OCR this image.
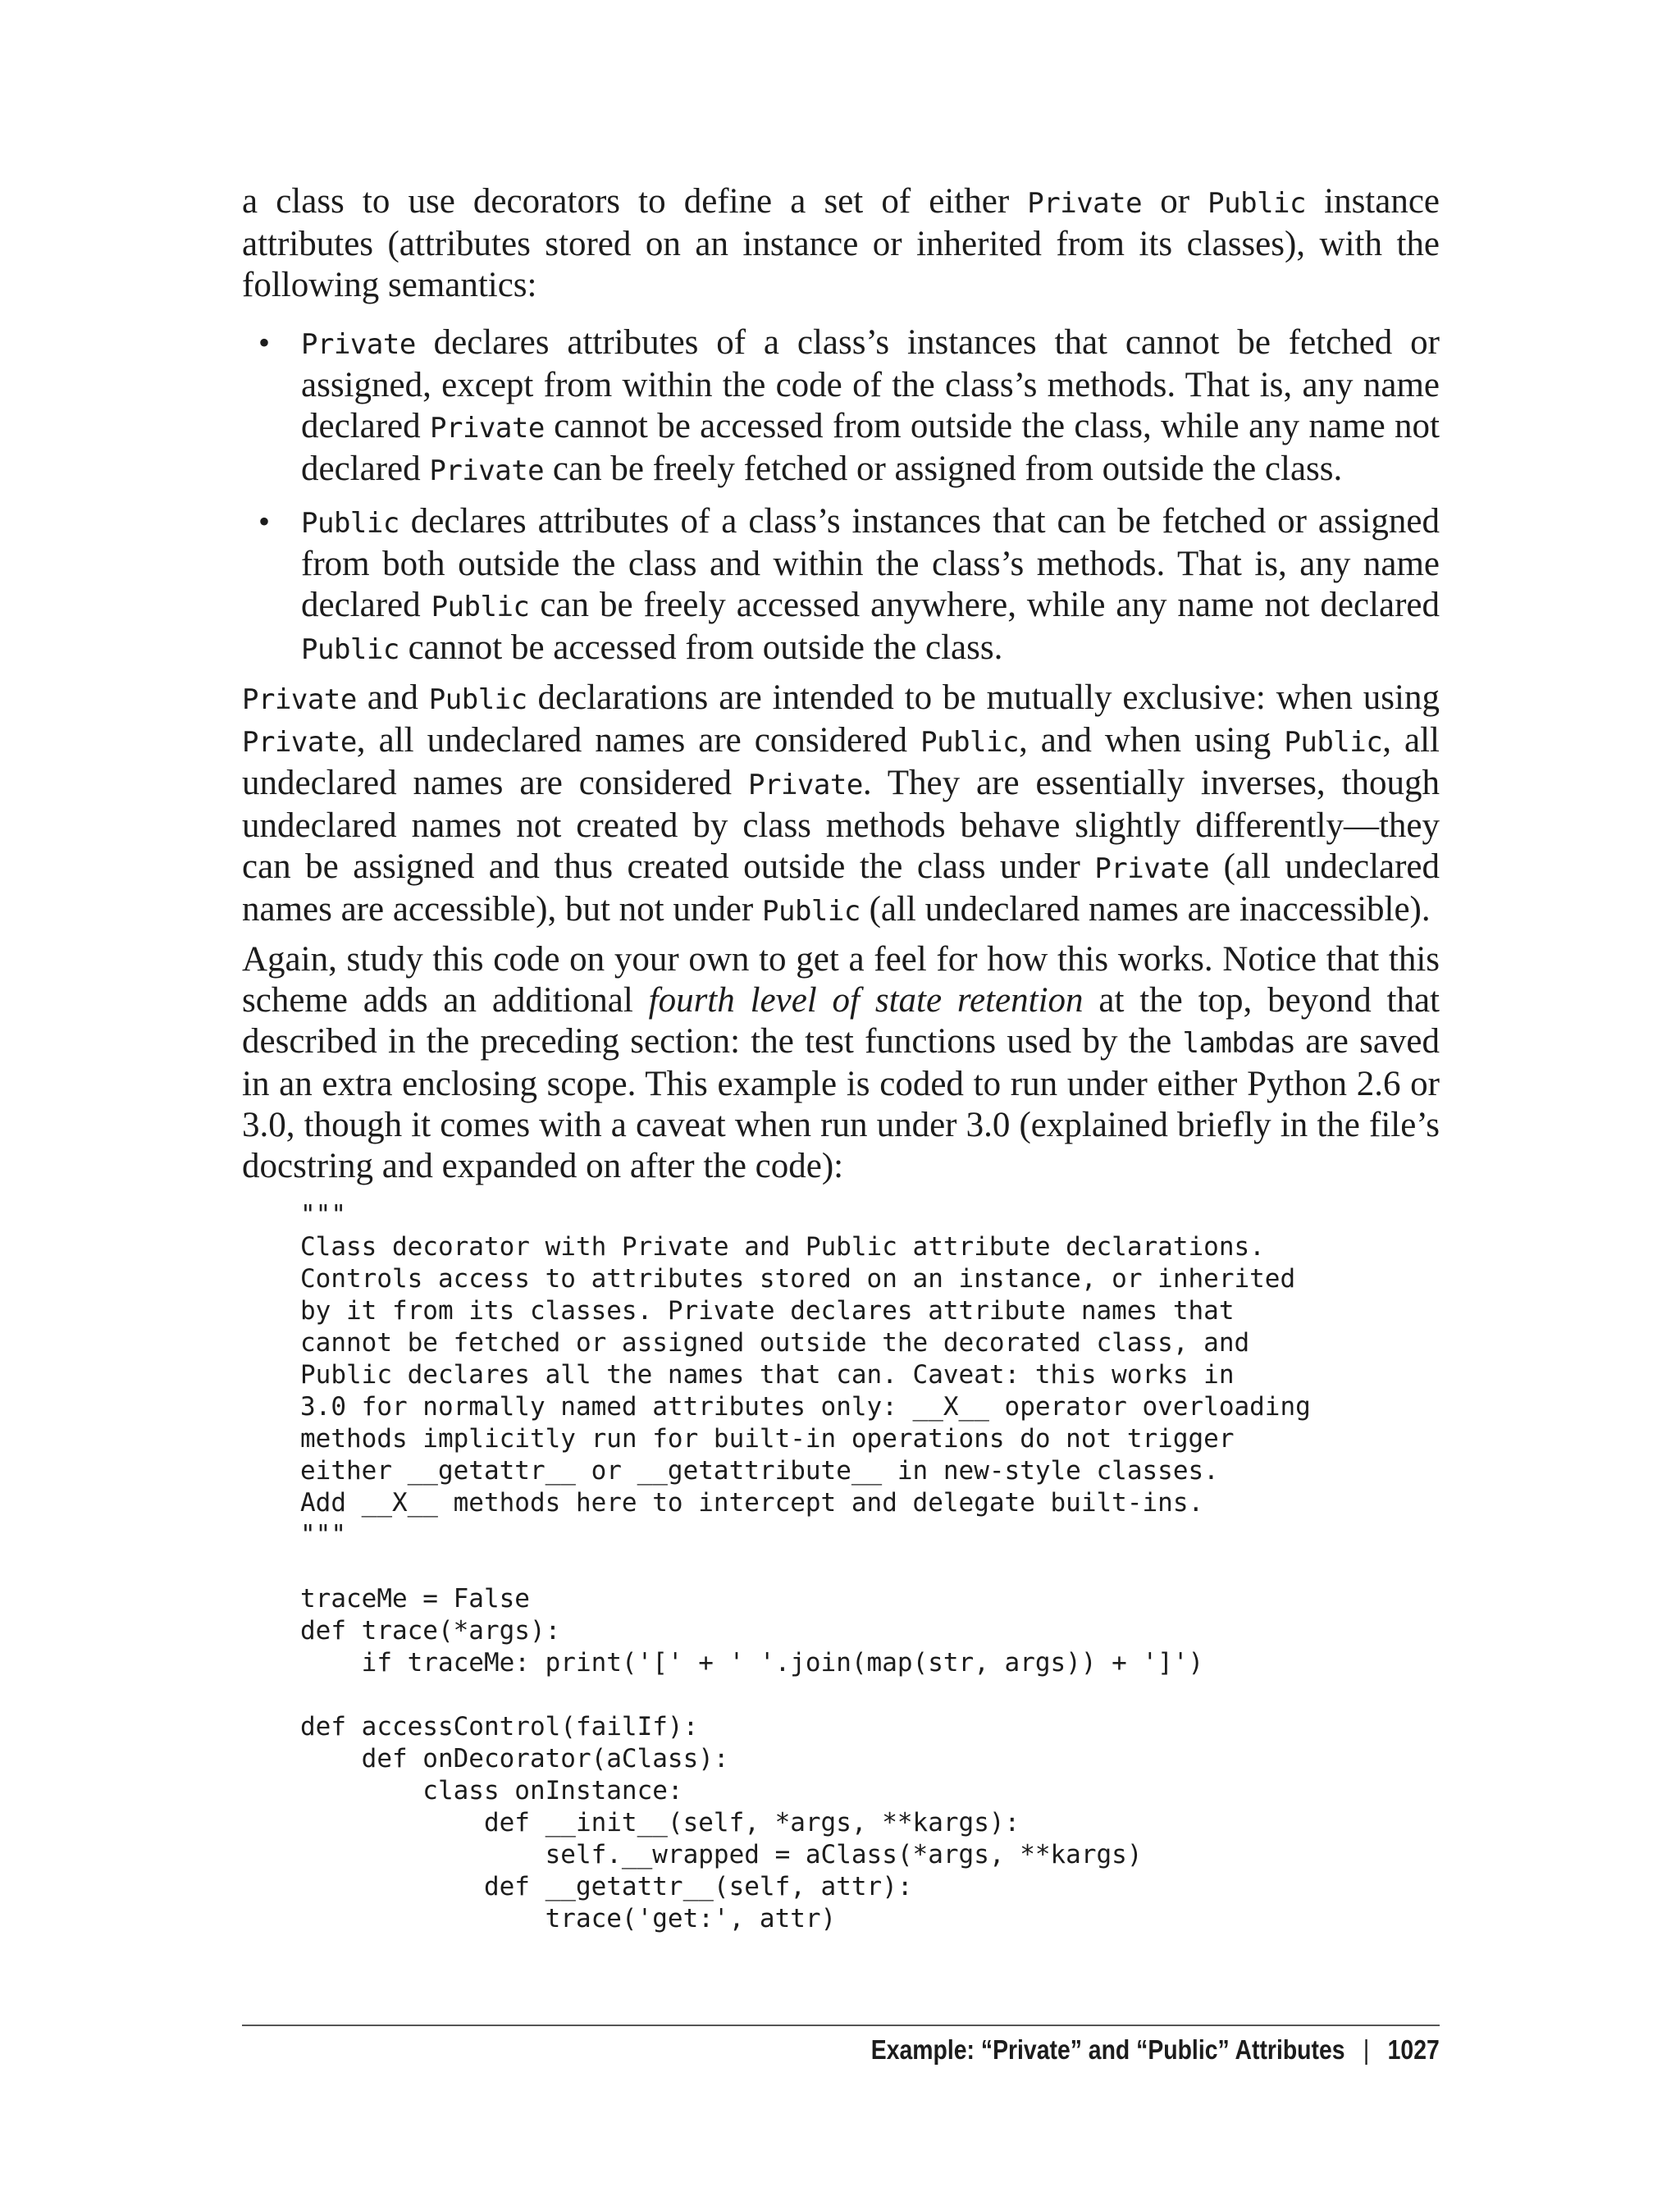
a class to use decorators to define a set of either Private or Public instance attributes (attributes stored on an instance or inherited from its classes), with the following semantics:

• Private declares attributes of a class’s instances that cannot be fetched or assigned, except from within the code of the class’s methods. That is, any name declared Private cannot be accessed from outside the class, while any name not declared Private can be freely fetched or assigned from outside the class.
• Public declares attributes of a class’s instances that can be fetched or assigned from both outside the class and within the class’s methods. That is, any name declared Public can be freely accessed anywhere, while any name not declared Public cannot be accessed from outside the class.

Private and Public declarations are intended to be mutually exclusive: when using Private, all undeclared names are considered Public, and when using Public, all undeclared names are considered Private. They are essentially inverses, though undeclared names not created by class methods behave slightly differently—they can be assigned and thus created outside the class under Private (all undeclared names are accessible), but not under Public (all undeclared names are inaccessible).

Again, study this code on your own to get a feel for how this works. Notice that this scheme adds an additional fourth level of state retention at the top, beyond that described in the preceding section: the test functions used by the lambdas are saved in an extra enclosing scope. This example is coded to run under either Python 2.6 or 3.0, though it comes with a caveat when run under 3.0 (explained briefly in the file’s docstring and expanded on after the code):

"""
Class decorator with Private and Public attribute declarations.
Controls access to attributes stored on an instance, or inherited
by it from its classes. Private declares attribute names that
cannot be fetched or assigned outside the decorated class, and
Public declares all the names that can. Caveat: this works in
3.0 for normally named attributes only: __X__ operator overloading
methods implicitly run for built-in operations do not trigger
either __getattr__ or __getattribute__ in new-style classes.
Add __X__ methods here to intercept and delegate built-ins.
"""

traceMe = False
def trace(*args):
if traceMe: print('[' + ' '.join(map(str, args)) + ']')

def accessControl(failIf):
def onDecorator(aClass):
class onInstance:
def __init__(self, *args, **kargs):
self.__wrapped = aClass(*args, **kargs)
def __getattr__(self, attr):
trace('get:', attr)
Example: “Private” and “Public” Attributes | 1027
